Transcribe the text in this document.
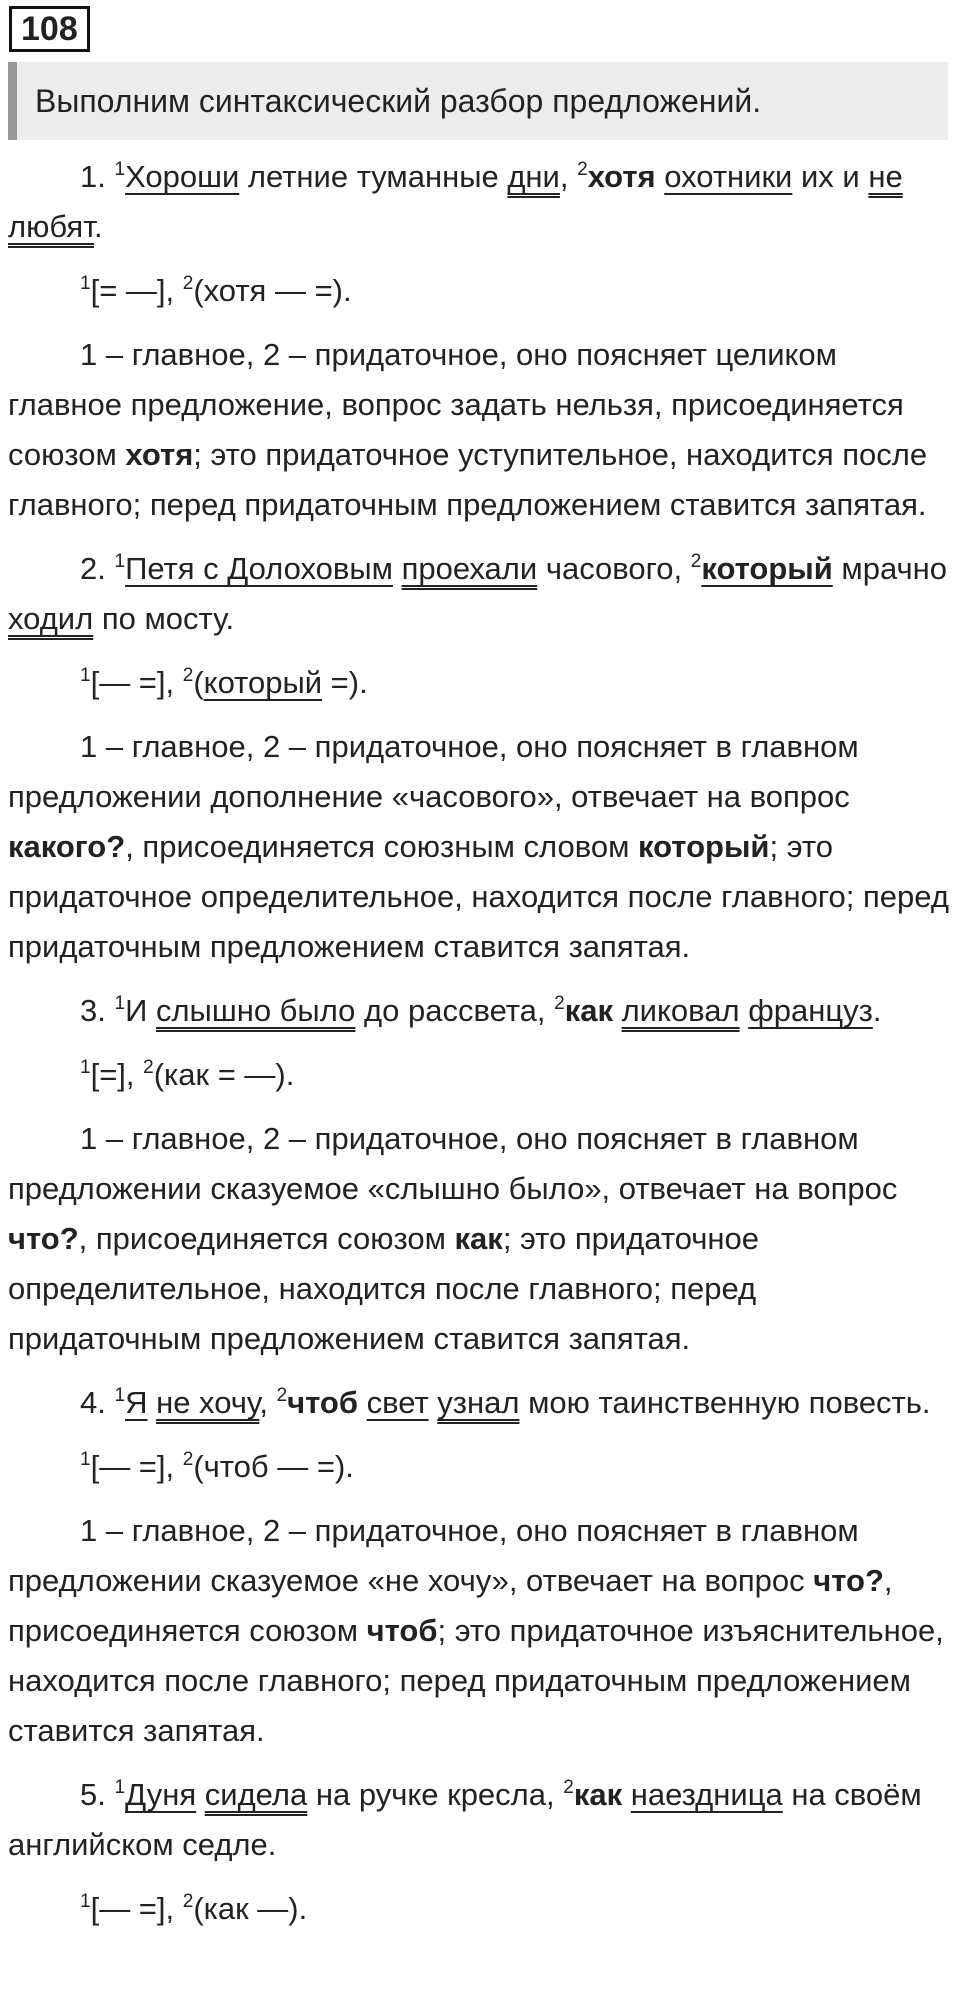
108
Выполним синтаксический разбор предложений.

1. $^1$Хороши летние туманные дни, $^2$хотя охотники их и не любят.

$^1$[= —], $^2$(хотя — =).

1 – главное, 2 – придаточное, оно поясняет целиком главное предложение, вопрос задать нельзя, присоединяется союзом хотя; это придаточное уступительное, находится после главного; перед придаточным предложением ставится запятая.

2. $^1$Петя с Долоховым проехали часового, $^2$который мрачно ходил по мосту.

$^1$[— =], $^2$(который =).

1 – главное, 2 – придаточное, оно поясняет в главном предложении дополнение «часового», отвечает на вопрос какого?, присоединяется союзным словом который; это придаточное определительное, находится после главного; перед придаточным предложением ставится запятая.

3. $^1$И слышно было до рассвета, $^2$как ликовал француз.

$^1$[=], $^2$(как = —).

1 – главное, 2 – придаточное, оно поясняет в главном предложении сказуемое «слышно было», отвечает на вопрос что?, присоединяется союзом как; это придаточное определительное, находится после главного; перед придаточным предложением ставится запятая.

4. $^1$Я не хочу, $^2$чтоб свет узнал мою таинственную повесть.

$^1$[— =], $^2$(чтоб — =).

1 – главное, 2 – придаточное, оно поясняет в главном предложении сказуемое «не хочу», отвечает на вопрос что?, присоединяется союзом чтоб; это придаточное изъяснительное, находится после главного; перед придаточным предложением ставится запятая.

5. $^1$Дуня сидела на ручке кресла, $^2$как наездница на своём английском седле.

$^1$[— =], $^2$(как —).
